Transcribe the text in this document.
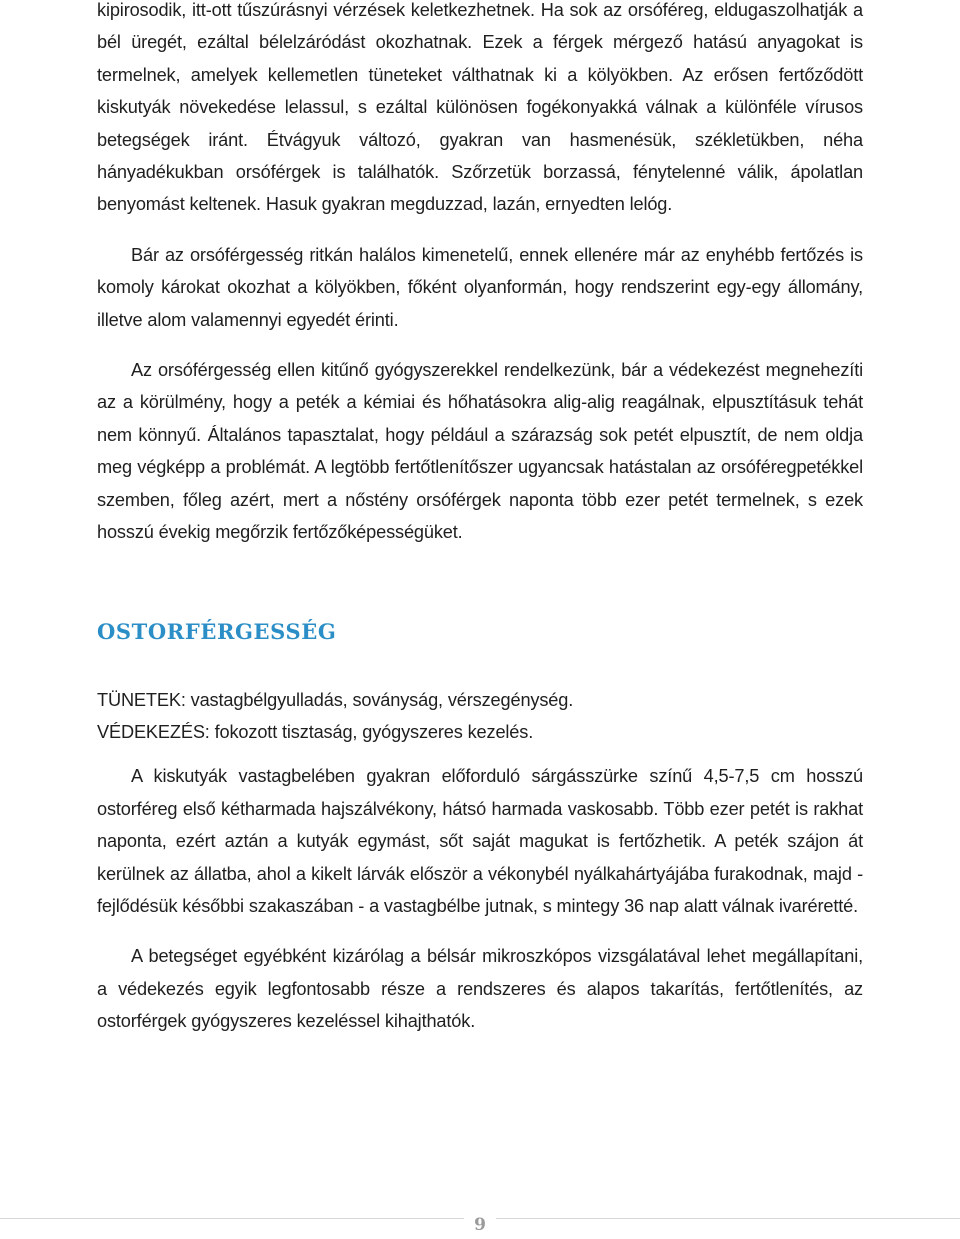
kipirosodik, itt-ott tűszúrásnyi vérzések keletkezhetnek. Ha sok az orsóféreg, eldugaszolhatják a bél üregét, ezáltal bélelzáródást okozhatnak. Ezek a férgek mérgező hatású anyagokat is termelnek, amelyek kellemetlen tüneteket válthatnak ki a kölyökben. Az erősen fertőződött kiskutyák növekedése lelassul, s ezáltal különösen fogékonyakká válnak a különféle vírusos betegségek iránt. Étvágyuk változó, gyakran van hasmenésük, székletükben, néha hányadékukban orsóférgek is találhatók. Szőrzetük borzassá, fénytelenné válik, ápolatlan benyomást keltenek. Hasuk gyakran megduzzad, lazán, ernyedten lelóg.

Bár az orsóférgesség ritkán halálos kimenetelű, ennek ellenére már az enyhébb fertőzés is komoly károkat okozhat a kölyökben, főként olyanformán, hogy rendszerint egy-egy állomány, illetve alom valamennyi egyedét érinti.

Az orsóférgesség ellen kitűnő gyógyszerekkel rendelkezünk, bár a védekezést megnehezíti az a körülmény, hogy a peték a kémiai és hőhatásokra alig-alig reagálnak, elpusztításuk tehát nem könnyű. Általános tapasztalat, hogy például a szárazság sok petét elpusztít, de nem oldja meg végképp a problémát. A legtöbb fertőtlenítőszer ugyancsak hatástalan az orsóféregpetékkel szemben, főleg azért, mert a nőstény orsóférgek naponta több ezer petét termelnek, s ezek hosszú évekig megőrzik fertőzőképességüket.

OSTORFÉRGESSÉG

TÜNETEK: vastagbélgyulladás, soványság, vérszegénység.

VÉDEKEZÉS: fokozott tisztaság, gyógyszeres kezelés.

A kiskutyák vastagbelében gyakran előforduló sárgásszürke színű 4,5-7,5 cm hosszú ostorféreg első kétharmada hajszálvékony, hátsó harmada vaskosabb. Több ezer petét is rakhat naponta, ezért aztán a kutyák egymást, sőt saját magukat is fertőzhetik. A peték szájon át kerülnek az állatba, ahol a kikelt lárvák először a vékonybél nyálkahártyájába furakodnak, majd - fejlődésük későbbi szakaszában - a vastagbélbe jutnak, s mintegy 36 nap alatt válnak ivaréretté.

A betegséget egyébként kizárólag a bélsár mikroszkópos vizsgálatával lehet megállapítani, a védekezés egyik legfontosabb része a rendszeres és alapos takarítás, fertőtlenítés, az ostorférgek gyógyszeres kezeléssel kihajthatók.

9
